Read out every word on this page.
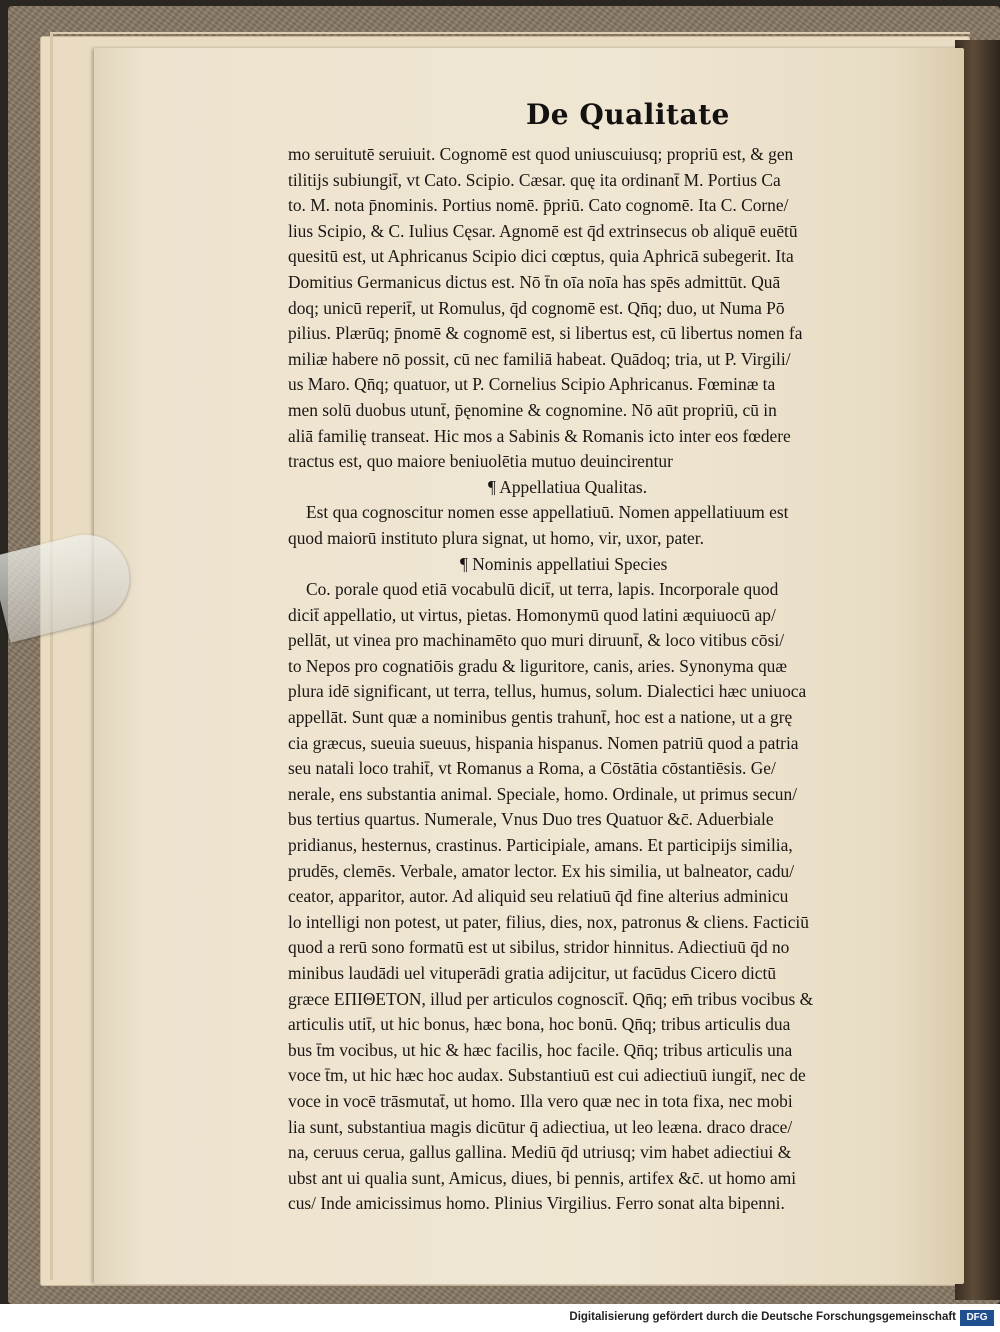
De Qualitate
mo seruitutē seruiuit. Cognomē est quod uniuscuiusq; propriū est, & gen
tilitijs subiungit̄, vt Cato. Scipio. Cæsar. quę ita ordinant̄ M. Portius Ca
to. M. nota p̄nominis. Portius nomē. p̄priū. Cato cognomē. Ita C. Corne/
lius Scipio, & C. Iulius Cęsar. Agnomē est q̄d extrinsecus ob aliquē euētū
quesitū est, ut Aphricanus Scipio dici cœptus, quia Aphricā subegerit. Ita
Domitius Germanicus dictus est. Nō t̄n oīa noīa has spēs admittūt. Quā
doq; unicū reperit̄, ut Romulus, q̄d cognomē est. Qn̄q; duo, ut Numa Pō
pilius. Plærūq; p̄nomē & cognomē est, si libertus est, cū libertus nomen fa
miliæ habere nō possit, cū nec familiā habeat. Quādoq; tria, ut P. Virgili/
us Maro. Qn̄q; quatuor, ut P. Cornelius Scipio Aphricanus. Fœminæ ta
men solū duobus utunt̄, p̄ęnomine & cognomine. Nō aūt propriū, cū in
aliā familię transeat. Hic mos a Sabinis & Romanis icto inter eos fœdere
tractus est, quo maiore beniuolētia mutuo deuincirentur
¶ Appellatiua Qualitas.
Est qua cognoscitur nomen esse appellatiuū. Nomen appellatiuum est
quod maiorū instituto plura signat, ut homo, vir, uxor, pater.
¶ Nominis appellatiui Species
Co. porale quod etiā vocabulū dicit̄, ut terra, lapis. Incorporale quod
dicit̄ appellatio, ut virtus, pietas. Homonymū quod latini æquiuocū ap/
pellāt, ut vinea pro machinamēto quo muri diruunt̄, & loco vitibus cōsi/
to Nepos pro cognatiōis gradu & liguritore, canis, aries. Synonyma quæ
plura idē significant, ut terra, tellus, humus, solum. Dialectici hæc uniuoca
appellāt. Sunt quæ a nominibus gentis trahunt̄, hoc est a natione, ut a grę
cia græcus, sueuia sueuus, hispania hispanus. Nomen patriū quod a patria
seu natali loco trahit̄, vt Romanus a Roma, a Cōstātia cōstantiēsis. Ge/
nerale, ens substantia animal. Speciale, homo. Ordinale, ut primus secun/
bus tertius quartus. Numerale, Vnus Duo tres Quatuor &c̄. Aduerbiale
pridianus, hesternus, crastinus. Participiale, amans. Et participijs similia,
prudēs, clemēs. Verbale, amator lector. Ex his similia, ut balneator, cadu/
ceator, apparitor, autor. Ad aliquid seu relatiuū q̄d fine alterius adminicu
lo intelligi non potest, ut pater, filius, dies, nox, patronus & cliens. Facticiū
quod a rerū sono formatū est ut sibilus, stridor hinnitus. Adiectiuū q̄d no
minibus laudādi uel vituperādi gratia adijcitur, ut facūdus Cicero dictū
græce ΕΠΙΘΕΤΟΝ, illud per articulos cognoscit̄. Qn̄q; em̄ tribus vocibus &
articulis utit̄, ut hic bonus, hæc bona, hoc bonū. Qn̄q; tribus articulis dua
bus t̄m vocibus, ut hic & hæc facilis, hoc facile. Qn̄q; tribus articulis una
voce t̄m, ut hic hæc hoc audax. Substantiuū est cui adiectiuū iungit̄, nec de
voce in vocē trāsmutat̄, ut homo. Illa vero quæ nec in tota fixa, nec mobi
lia sunt, substantiua magis dicūtur q̄ adiectiua, ut leo leæna. draco drace/
na, ceruus cerua, gallus gallina. Mediū q̄d utriusq; vim habet adiectiui &
ubst ant ui qualia sunt, Amicus, diues, bi pennis, artifex &c̄. ut homo ami
cus/ Inde amicissimus homo. Plinius Virgilius. Ferro sonat alta bipenni.
Digitalisierung gefördert durch die Deutsche Forschungsgemeinschaft	DFG
